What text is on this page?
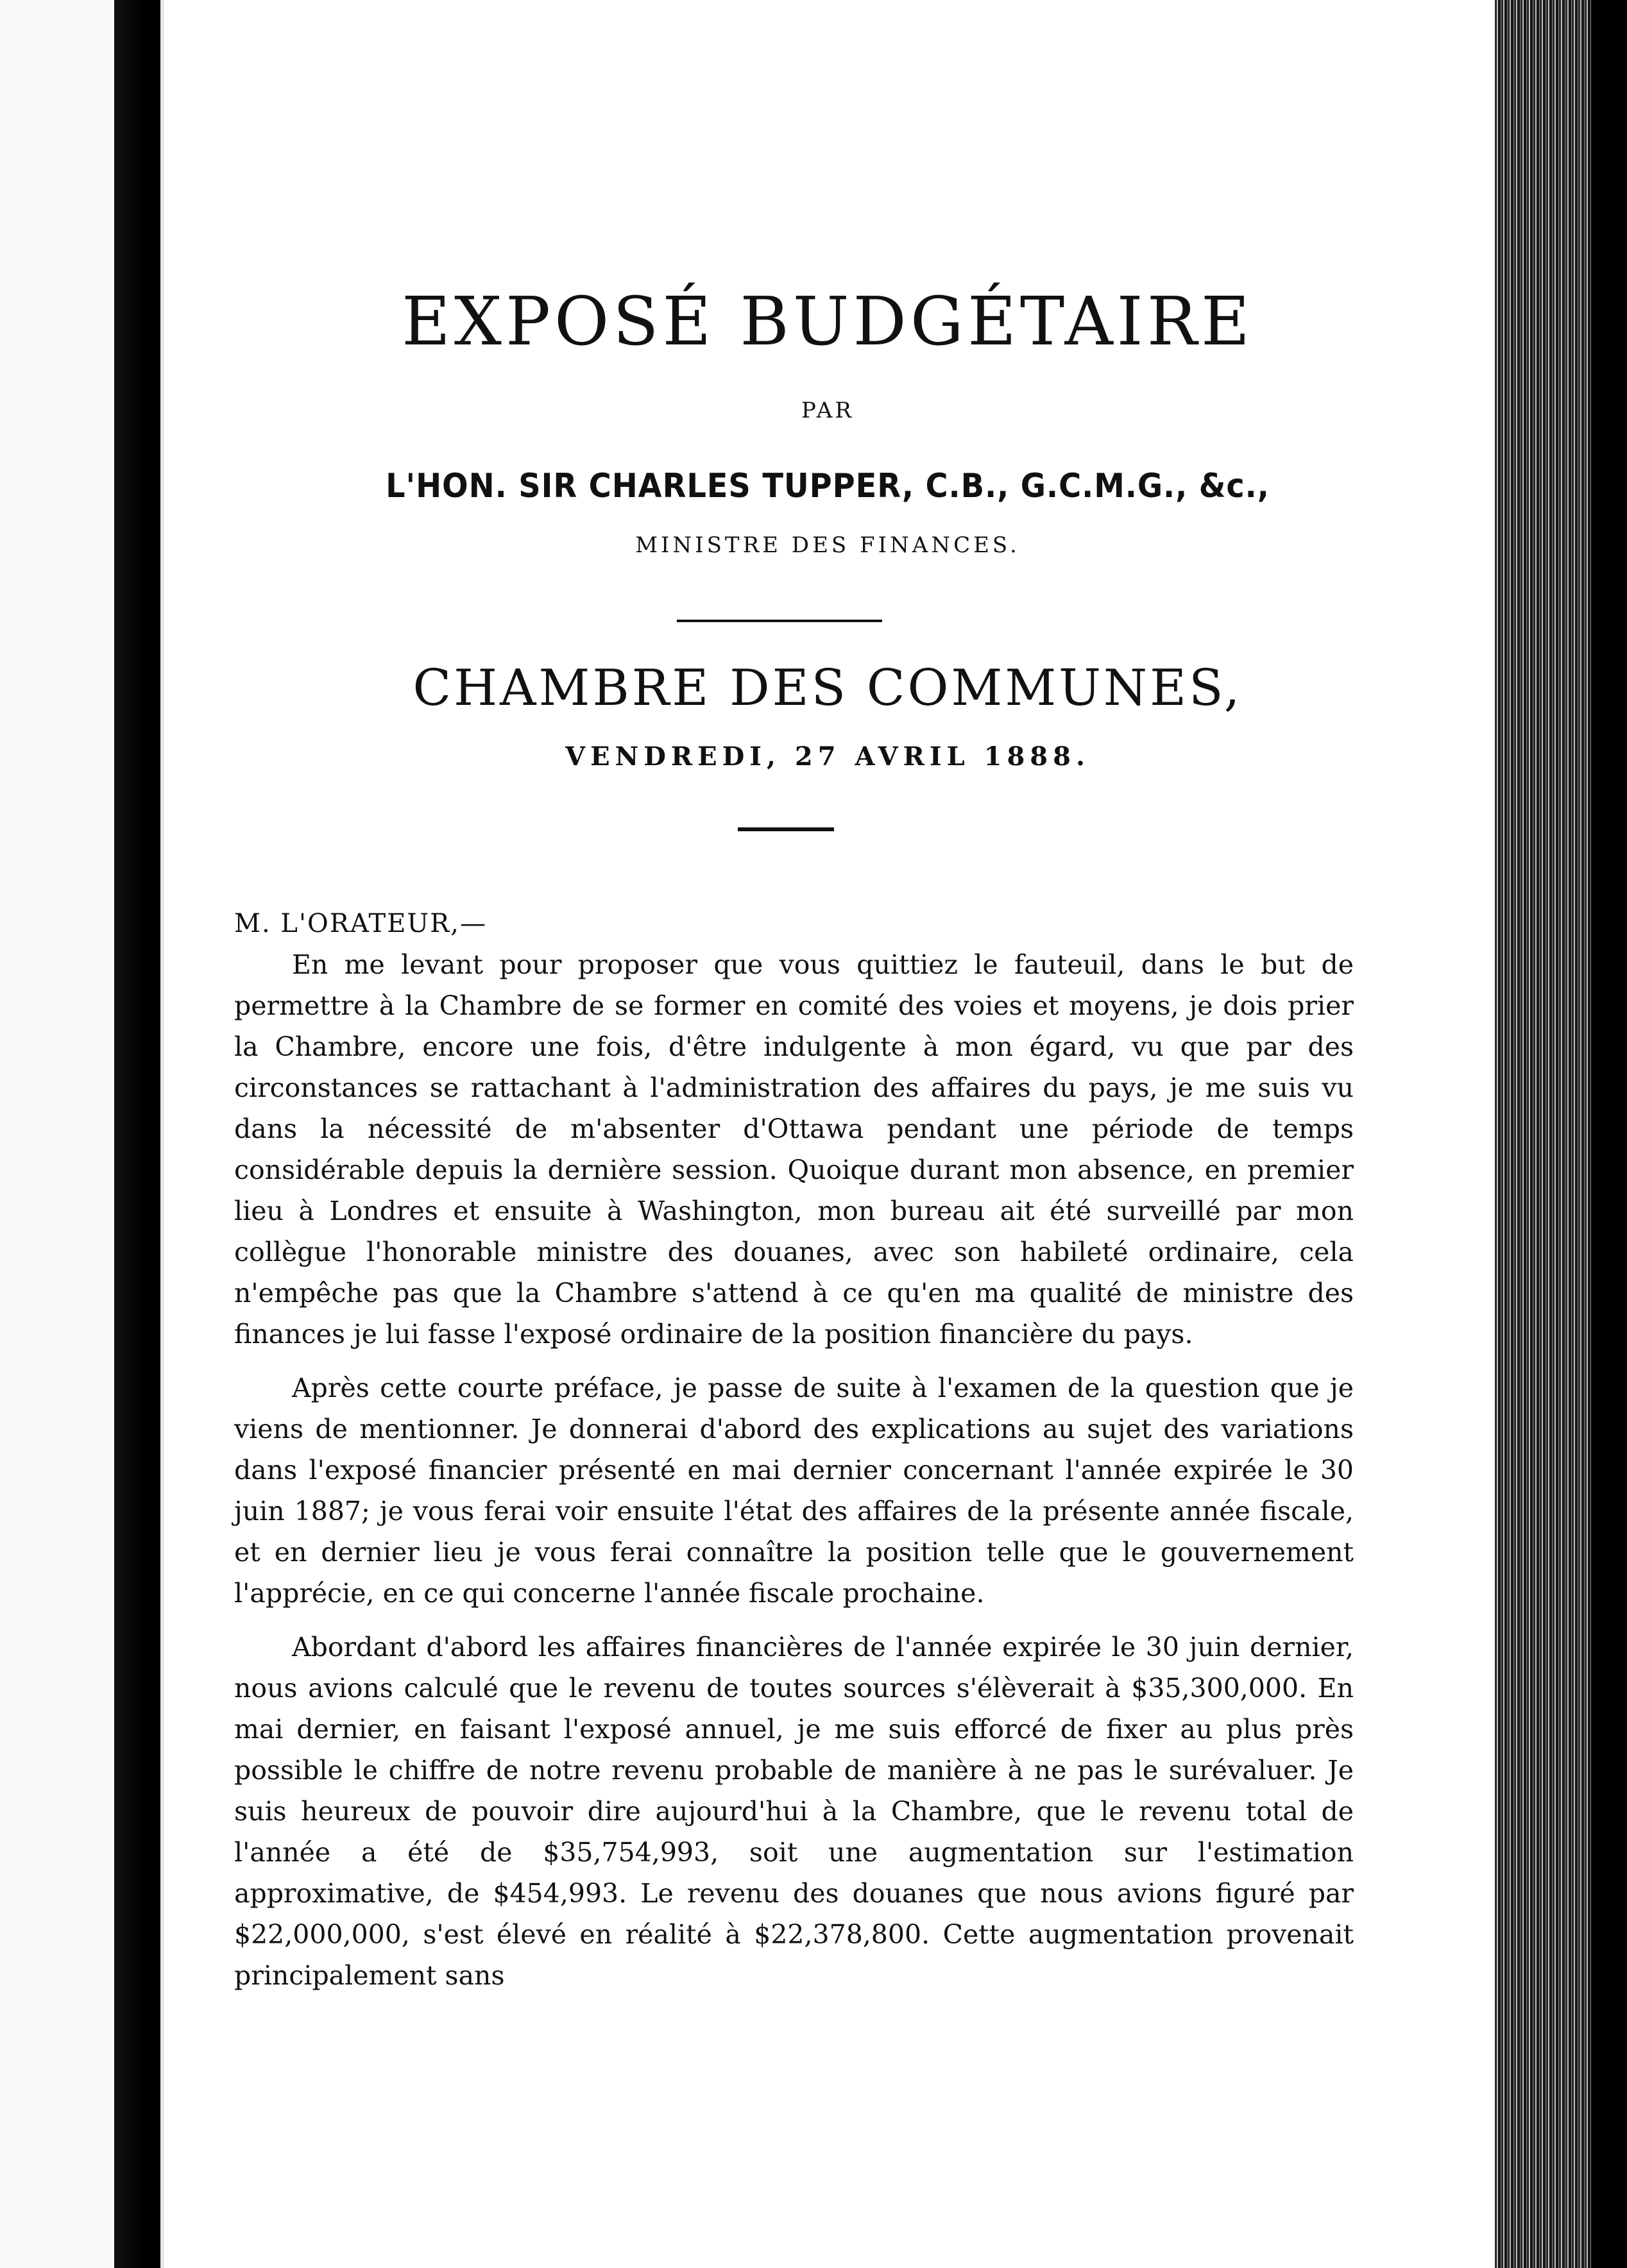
EXPOSÉ BUDGÉTAIRE
PAR
L'HON. SIR CHARLES TUPPER, C.B., G.C.M.G., &c.,
MINISTRE DES FINANCES.
CHAMBRE DES COMMUNES,
VENDREDI, 27 AVRIL 1888.

M. L'ORATEUR,—

En me levant pour proposer que vous quittiez le fauteuil, dans le but de permettre à la Chambre de se former en comité des voies et moyens, je dois prier la Chambre, encore une fois, d'être indulgente à mon égard, vu que par des circonstances se rattachant à l'administration des affaires du pays, je me suis vu dans la nécessité de m'absenter d'Ottawa pendant une période de temps considérable depuis la dernière session. Quoique durant mon absence, en premier lieu à Londres et ensuite à Washington, mon bureau ait été surveillé par mon collègue l'honorable ministre des douanes, avec son habileté ordinaire, cela n'empêche pas que la Chambre s'attend à ce qu'en ma qualité de ministre des finances je lui fasse l'exposé ordinaire de la position financière du pays.

Après cette courte préface, je passe de suite à l'examen de la question que je viens de mentionner. Je donnerai d'abord des explications au sujet des variations dans l'exposé financier présenté en mai dernier concernant l'année expirée le 30 juin 1887; je vous ferai voir ensuite l'état des affaires de la présente année fiscale, et en dernier lieu je vous ferai connaître la position telle que le gouvernement l'apprécie, en ce qui concerne l'année fiscale prochaine.

Abordant d'abord les affaires financières de l'année expirée le 30 juin dernier, nous avions calculé que le revenu de toutes sources s'élèverait à $35,300,000. En mai dernier, en faisant l'exposé annuel, je me suis efforcé de fixer au plus près possible le chiffre de notre revenu probable de manière à ne pas le surévaluer. Je suis heureux de pouvoir dire aujourd'hui à la Chambre, que le revenu total de l'année a été de $35,754,993, soit une augmentation sur l'estimation approximative, de $454,993. Le revenu des douanes que nous avions figuré par $22,000,000, s'est élevé en réalité à $22,378,800. Cette augmentation provenait principalement sans
